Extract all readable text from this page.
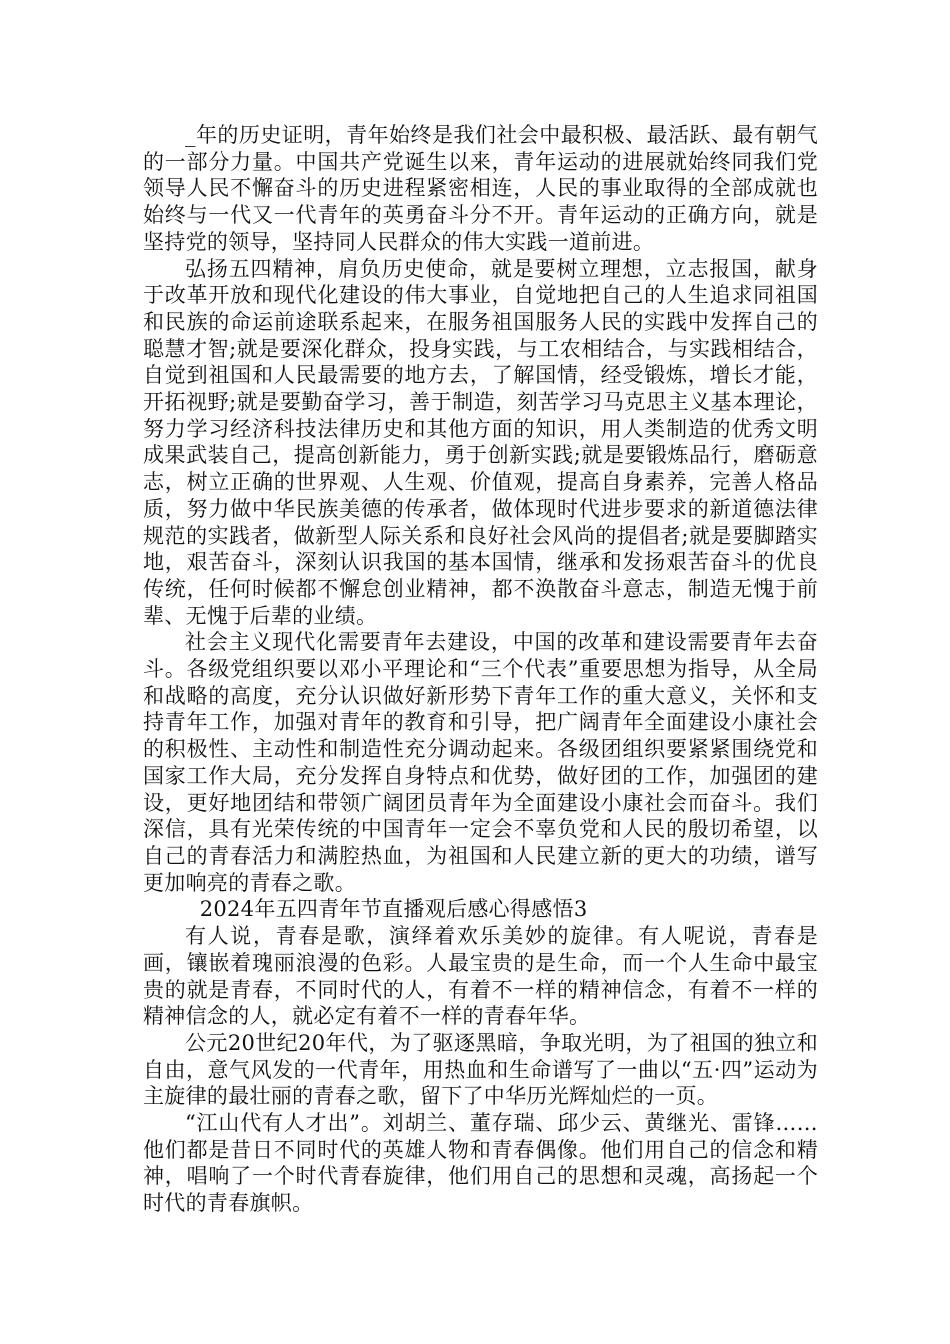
_年的历史证明，青年始终是我们社会中最积极、最活跃、最有朝气的一部分力量。中国共产党诞生以来，青年运动的进展就始终同我们党领导人民不懈奋斗的历史进程紧密相连，人民的事业取得的全部成就也始终与一代又一代青年的英勇奋斗分不开。青年运动的正确方向，就是坚持党的领导，坚持同人民群众的伟大实践一道前进。

弘扬五四精神，肩负历史使命，就是要树立理想，立志报国，献身于改革开放和现代化建设的伟大事业，自觉地把自己的人生追求同祖国和民族的命运前途联系起来，在服务祖国服务人民的实践中发挥自己的聪慧才智;就是要深化群众，投身实践，与工农相结合，与实践相结合，自觉到祖国和人民最需要的地方去，了解国情，经受锻炼，增长才能，开拓视野;就是要勤奋学习，善于制造，刻苦学习马克思主义基本理论，努力学习经济科技法律历史和其他方面的知识，用人类制造的优秀文明成果武装自己，提高创新能力，勇于创新实践;就是要锻炼品行，磨砺意志，树立正确的世界观、人生观、价值观，提高自身素养，完善人格品质，努力做中华民族美德的传承者，做体现时代进步要求的新道德法律规范的实践者，做新型人际关系和良好社会风尚的提倡者;就是要脚踏实地，艰苦奋斗，深刻认识我国的基本国情，继承和发扬艰苦奋斗的优良传统，任何时候都不懈怠创业精神，都不涣散奋斗意志，制造无愧于前辈、无愧于后辈的业绩。

社会主义现代化需要青年去建设，中国的改革和建设需要青年去奋斗。各级党组织要以邓小平理论和“三个代表”重要思想为指导，从全局和战略的高度，充分认识做好新形势下青年工作的重大意义，关怀和支持青年工作，加强对青年的教育和引导，把广阔青年全面建设小康社会的积极性、主动性和制造性充分调动起来。各级团组织要紧紧围绕党和国家工作大局，充分发挥自身特点和优势，做好团的工作，加强团的建设，更好地团结和带领广阔团员青年为全面建设小康社会而奋斗。我们深信，具有光荣传统的中国青年一定会不辜负党和人民的殷切希望，以自己的青春活力和满腔热血，为祖国和人民建立新的更大的功绩，谱写更加响亮的青春之歌。

2024年五四青年节直播观后感心得感悟3

有人说，青春是歌，演绎着欢乐美妙的旋律。有人呢说，青春是画，镶嵌着瑰丽浪漫的色彩。人最宝贵的是生命，而一个人生命中最宝贵的就是青春，不同时代的人，有着不一样的精神信念，有着不一样的精神信念的人，就必定有着不一样的青春年华。

公元20世纪20年代，为了驱逐黑暗，争取光明，为了祖国的独立和自由，意气风发的一代青年，用热血和生命谱写了一曲以“五·四”运动为主旋律的最壮丽的青春之歌，留下了中华历光辉灿烂的一页。

“江山代有人才出”。刘胡兰、董存瑞、邱少云、黄继光、雷锋……他们都是昔日不同时代的英雄人物和青春偶像。他们用自己的信念和精神，唱响了一个时代青春旋律，他们用自己的思想和灵魂，高扬起一个时代的青春旗帜。
